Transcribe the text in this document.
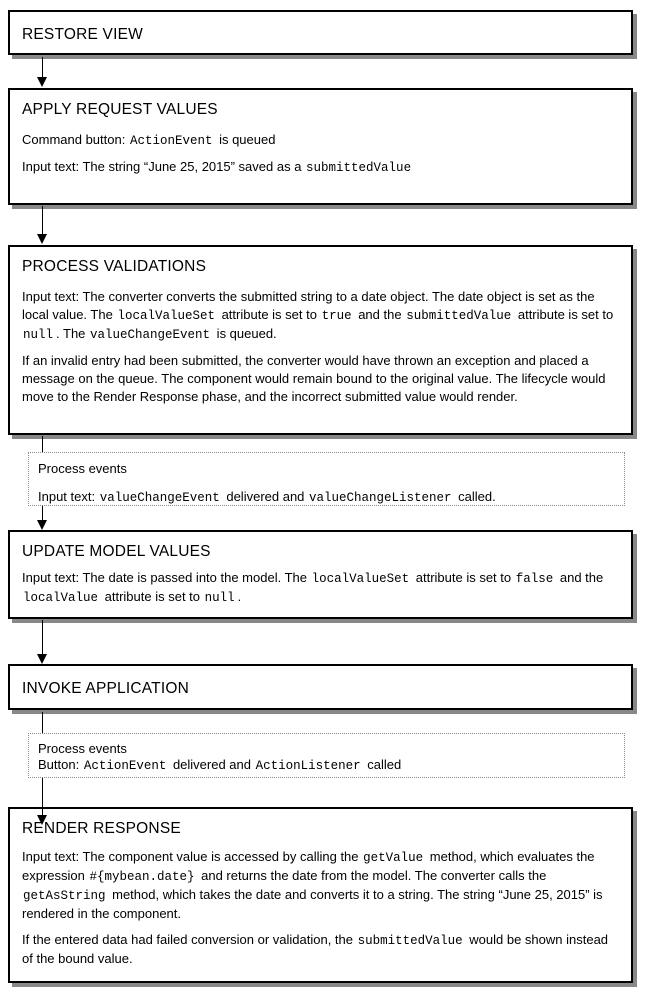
RESTORE VIEW
APPLY REQUEST VALUES

Command button: ActionEvent is queued

Input text: The string “June 25, 2015” saved as a submittedValue

PROCESS VALIDATIONS

Input text: The converter converts the submitted string to a date object. The date object is set as the local value. The localValueSet attribute is set to true and the submittedValue attribute is set to null . The valueChangeEvent is queued.

If an invalid entry had been submitted, the converter would have thrown an exception and placed a message on the queue. The component would remain bound to the original value. The lifecycle would move to the Render Response phase, and the incorrect submitted value would render.

Process events

Input text: valueChangeEvent delivered and valueChangeListener called.

UPDATE MODEL VALUES

Input text: The date is passed into the model. The localValueSet attribute is set to false and the localValue attribute is set to null .

INVOKE APPLICATION

Process events

Button: ActionEvent delivered and ActionListener called

RENDER RESPONSE

Input text: The component value is accessed by calling the getValue method, which evaluates the expression #{mybean.date} and returns the date from the model. The converter calls the getAsString method, which takes the date and converts it to a string. The string “June 25, 2015” is rendered in the component.

If the entered data had failed conversion or validation, the submittedValue would be shown instead of the bound value.
